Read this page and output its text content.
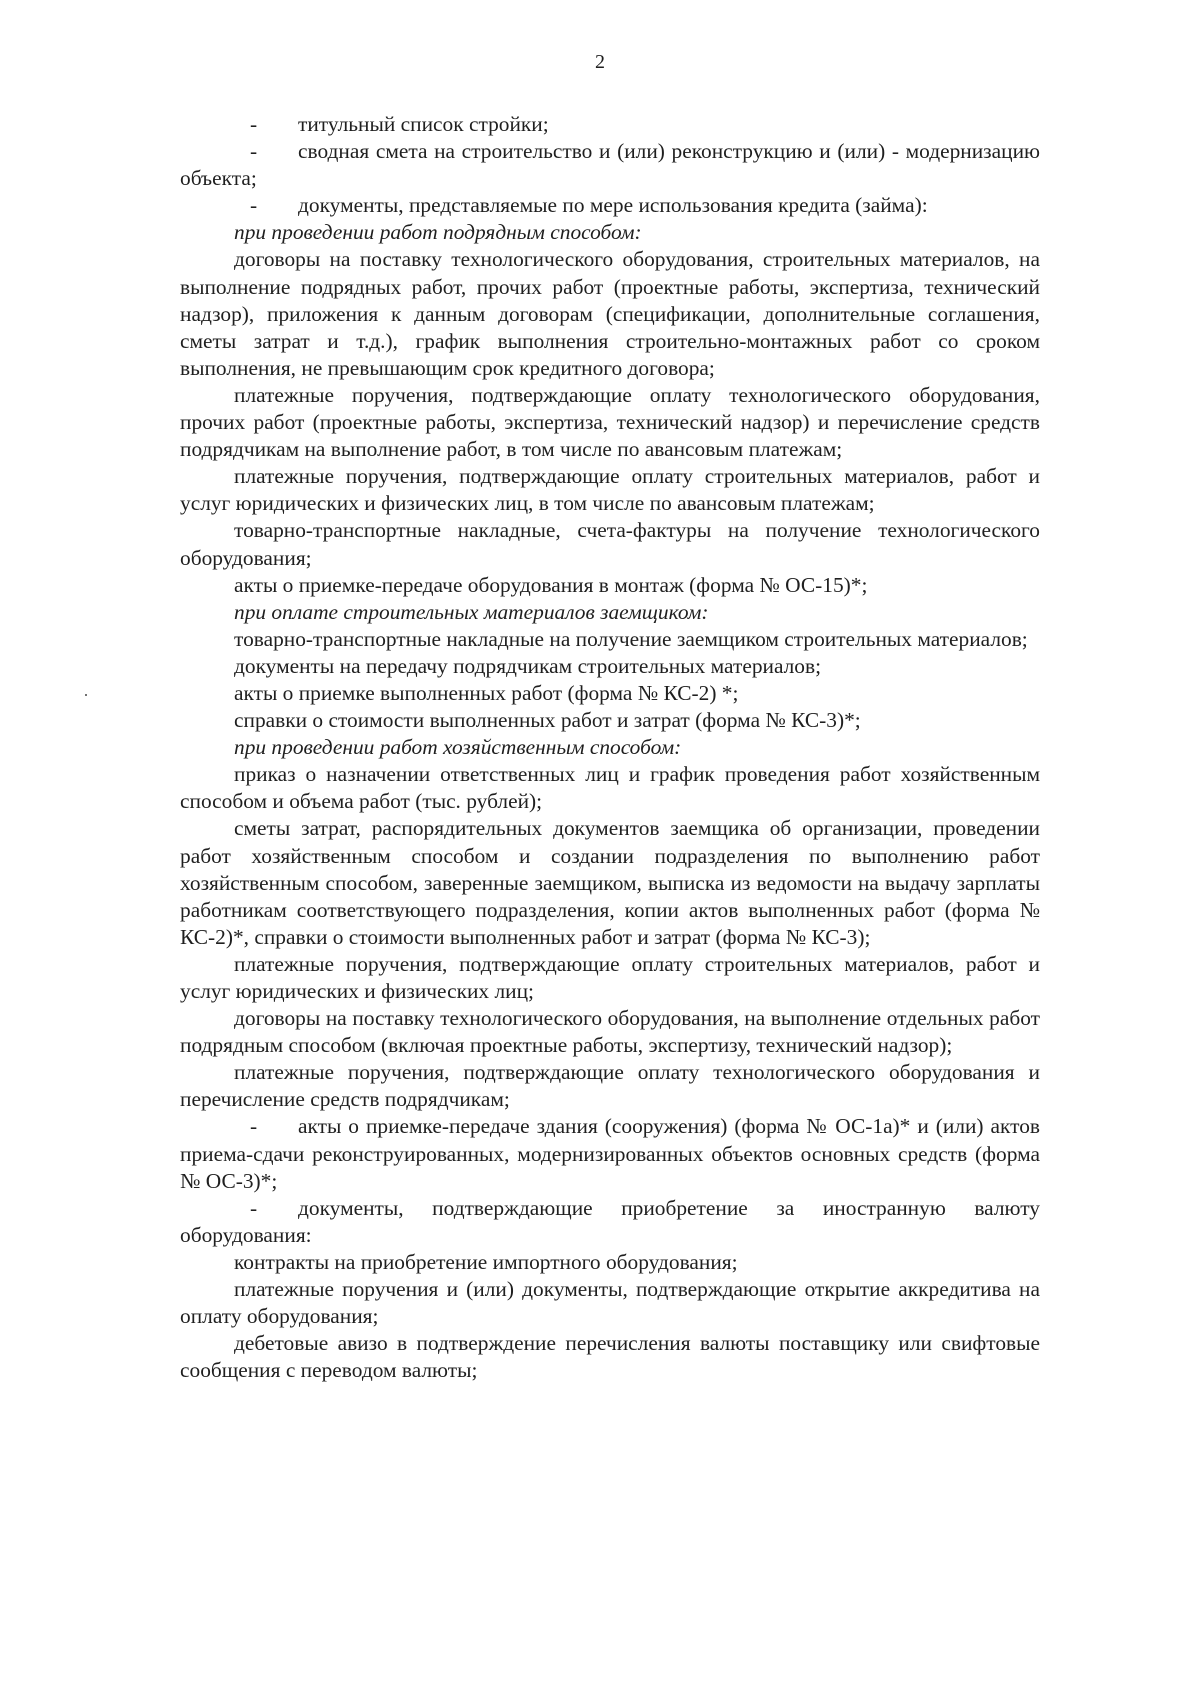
2

- титульный список стройки;

- сводная смета на строительство и (или) реконструкцию и (или) - модернизацию объекта;

- документы, представляемые по мере использования кредита (займа):

при проведении работ подрядным способом:

договоры на поставку технологического оборудования, строительных материалов, на выполнение подрядных работ, прочих работ (проектные работы, экспертиза, технический надзор), приложения к данным договорам (спецификации, дополнительные соглашения, сметы затрат и т.д.), график выполнения строительно-монтажных работ со сроком выполнения, не превышающим срок кредитного договора;

платежные поручения, подтверждающие оплату технологического оборудования, прочих работ (проектные работы, экспертиза, технический надзор) и перечисление средств подрядчикам на выполнение работ, в том числе по авансовым платежам;

платежные поручения, подтверждающие оплату строительных материалов, работ и услуг юридических и физических лиц, в том числе по авансовым платежам;

товарно-транспортные накладные, счета-фактуры на получение технологического оборудования;

акты о приемке-передаче оборудования в монтаж (форма № ОС-15)*;

при оплате строительных материалов заемщиком:

товарно-транспортные накладные на получение заемщиком строительных материалов;

документы на передачу подрядчикам строительных материалов;

акты о приемке выполненных работ (форма № КС-2) *;

справки о стоимости выполненных работ и затрат (форма № КС-3)*;

при проведении работ хозяйственным способом:

приказ о назначении ответственных лиц и график проведения работ хозяйственным способом и объема работ (тыс. рублей);

сметы затрат, распорядительных документов заемщика об организации, проведении работ хозяйственным способом и создании подразделения по выполнению работ хозяйственным способом, заверенные заемщиком, выписка из ведомости на выдачу зарплаты работникам соответствующего подразделения, копии актов выполненных работ (форма № КС-2)*, справки о стоимости выполненных работ и затрат (форма № КС-3);

платежные поручения, подтверждающие оплату строительных материалов, работ и услуг юридических и физических лиц;

договоры на поставку технологического оборудования, на выполнение отдельных работ подрядным способом (включая проектные работы, экспертизу, технический надзор);

платежные поручения, подтверждающие оплату технологического оборудования и перечисление средств подрядчикам;

- акты о приемке-передаче здания (сооружения) (форма № ОС-1а)* и (или) актов приема-сдачи реконструированных, модернизированных объектов основных средств (форма № ОС-3)*;

- документы, подтверждающие приобретение за иностранную валюту оборудования:

контракты на приобретение импортного оборудования;

платежные поручения и (или) документы, подтверждающие открытие аккредитива на оплату оборудования;

дебетовые авизо в подтверждение перечисления валюты поставщику или свифтовые сообщения с переводом валюты;
